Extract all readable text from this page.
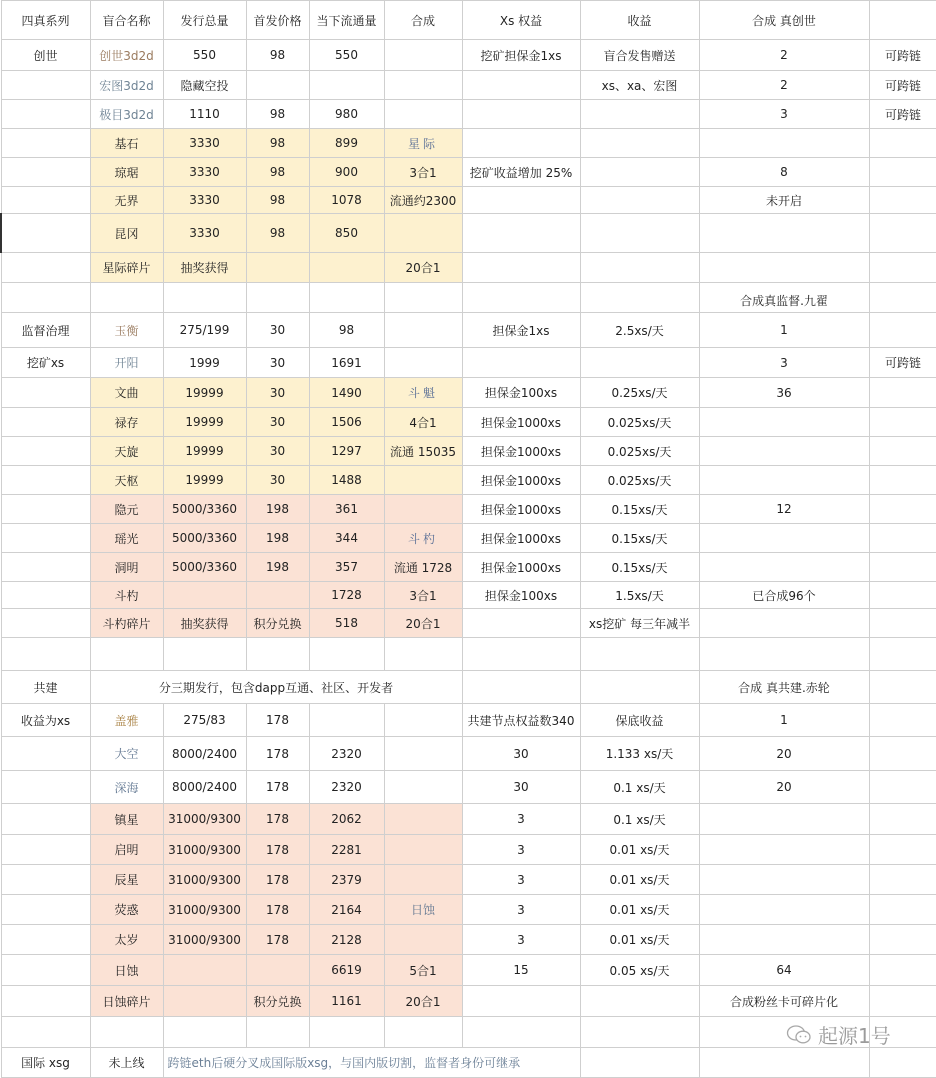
四真系列	盲合名称	发行总量	首发价格	当下流通量	合成	Xs 权益	收益	合成 真创世	
创世	创世3d2d	550	98	550		挖矿担保金1xs	盲合发售赠送	2	可跨链
	宏图3d2d	隐藏空投					xs、xa、宏图	2	可跨链
	极目3d2d	1110	98	980				3	可跨链
	基石	3330	98	899	星际				
	琼琚	3330	98	900	3合1	挖矿收益增加 25%		8	
	无界	3330	98	1078	流通约2300			未开启	
	昆冈	3330	98	850					
	星际碎片	抽奖获得			20合1				
								合成真监督.九翟	
监督治理	玉衡	275/199	30	98		担保金1xs	2.5xs/天	1	
挖矿xs	开阳	1999	30	1691				3	可跨链
	文曲	19999	30	1490	斗魁	担保金100xs	0.25xs/天	36	
	禄存	19999	30	1506	4合1	担保金1000xs	0.025xs/天		
	天旋	19999	30	1297	流通 15035	担保金1000xs	0.025xs/天		
	天枢	19999	30	1488		担保金1000xs	0.025xs/天		
	隐元	5000/3360	198	361		担保金1000xs	0.15xs/天	12	
	瑶光	5000/3360	198	344	斗杓	担保金1000xs	0.15xs/天		
	洞明	5000/3360	198	357	流通 1728	担保金1000xs	0.15xs/天		
	斗杓			1728	3合1	担保金100xs	1.5xs/天	已合成96个	
	斗杓碎片	抽奖获得	积分兑换	518	20合1		xs挖矿 每三年减半		

共建	分三期发行，包含dapp互通、社区、开发者							合成 真共建.赤轮	
收益为xs	盖雅	275/83	178			共建节点权益数340	保底收益	1	
	大空	8000/2400	178	2320		30	1.133 xs/天	20	
	深海	8000/2400	178	2320		30	0.1 xs/天	20	
	镇星	31000/9300	178	2062		3	0.1 xs/天		
	启明	31000/9300	178	2281		3	0.01 xs/天		
	辰星	31000/9300	178	2379		3	0.01 xs/天		
	荧惑	31000/9300	178	2164	日蚀	3	0.01 xs/天		
	太岁	31000/9300	178	2128		3	0.01 xs/天		
	日蚀			6619	5合1	15	0.05 xs/天	64	
	日蚀碎片		积分兑换	1161	20合1			合成粉丝卡可碎片化	

国际 xsg	未上线	跨链eth后硬分叉成国际版xsg，与国内版切割，监督者身份可继承							
起源1号
